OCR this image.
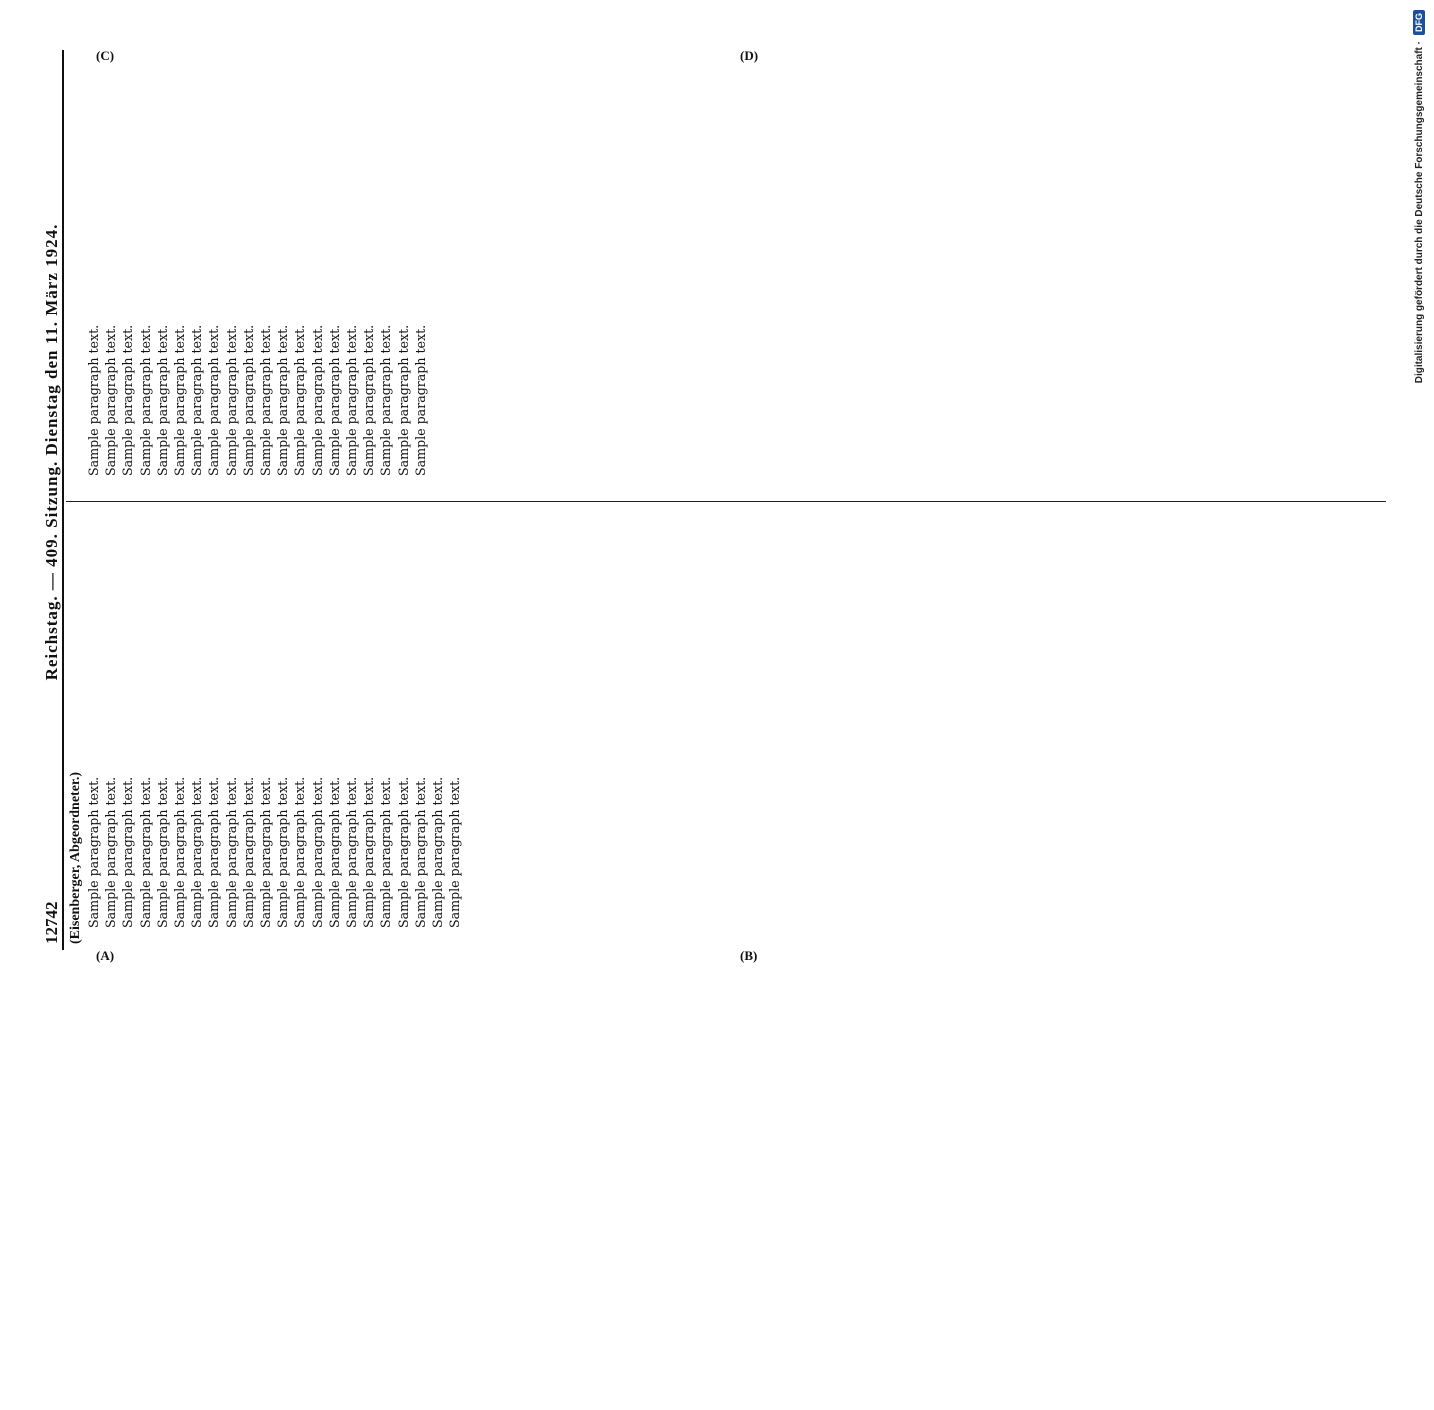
12742
Reichstag. — 409. Sitzung. Dienstag den 11. März 1924.
(Eisenberger, Abgeordneter.) Sample paragraph text. Sample paragraph text. Sample paragraph text. Sample paragraph text. Sample paragraph text. Sample paragraph text. Sample paragraph text. Sample paragraph text. Sample paragraph text. Sample paragraph text. Sample paragraph text. Sample paragraph text. Sample paragraph text. Sample paragraph text. Sample paragraph text. Sample paragraph text. Sample paragraph text. Sample paragraph text. Sample paragraph text. Sample paragraph text. Sample paragraph text. Sample paragraph text.

Sample paragraph text. Sample paragraph text. Sample paragraph text. Sample paragraph text. Sample paragraph text. Sample paragraph text. Sample paragraph text. Sample paragraph text. Sample paragraph text. Sample paragraph text. Sample paragraph text. Sample paragraph text. Sample paragraph text. Sample paragraph text. Sample paragraph text. Sample paragraph text. Sample paragraph text. Sample paragraph text. Sample paragraph text. Sample paragraph text.

(A)	(B)
(C)	(D)	Digitalisierung gefördert durch die Deutsche Forschungsgemeinschaft ·
DFG
